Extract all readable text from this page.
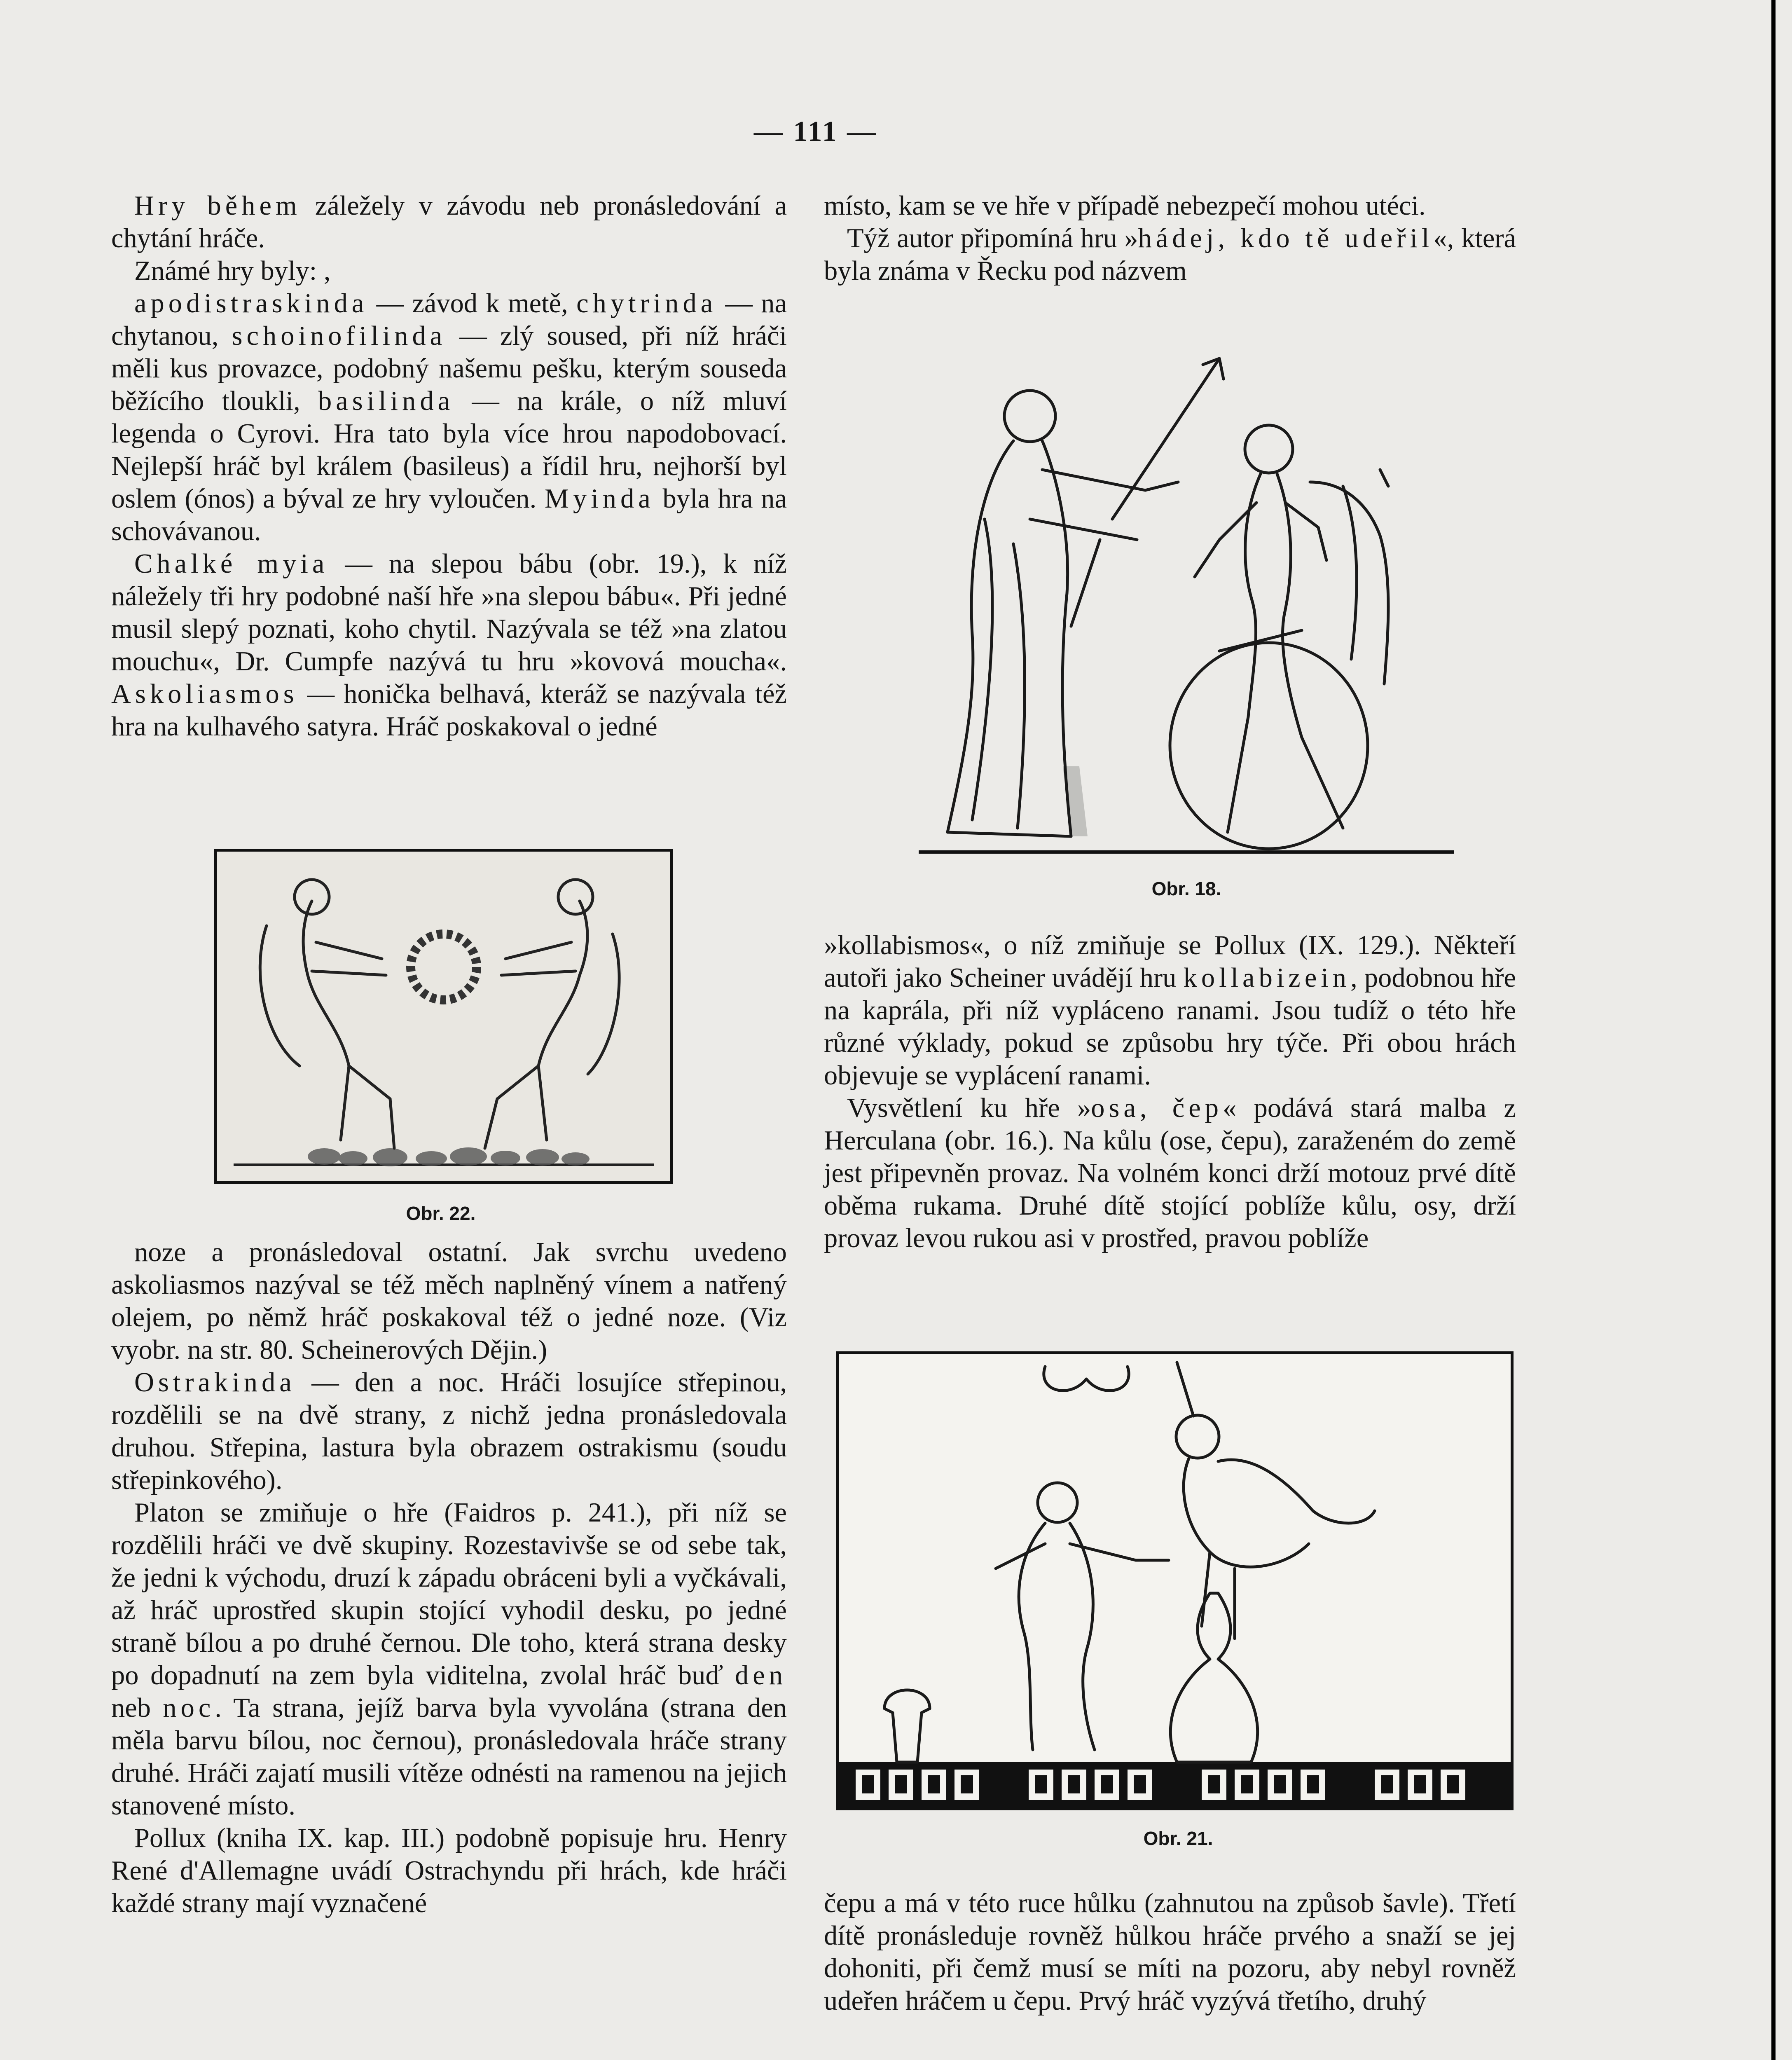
— 111 —

Hry během záležely v závodu neb pronásledování a chytání hráče.

Známé hry byly: ,

apodistraskinda — závod k metě, chytrinda — na chytanou, schoinofilinda — zlý soused, při níž hráči měli kus provazce, podobný našemu pešku, kterým souseda běžícího tloukli, basilinda — na krále, o níž mluví legenda o Cyrovi. Hra tato byla více hrou napodobovací. Nejlepší hráč byl králem (basileus) a řídil hru, nejhorší byl oslem (ónos) a býval ze hry vyloučen. Myinda byla hra na schovávanou.

Chalké myia — na slepou bábu (obr. 19.), k níž náležely tři hry podobné naší hře »na slepou bábu«. Při jedné musil slepý poznati, koho chytil. Nazývala se též »na zlatou mouchu«, Dr. Cumpfe nazývá tu hru »kovová moucha«. Askoliasmos — honička belhavá, kteráž se nazývala též hra na kulhavého satyra. Hráč poskakoval o jedné

Obr. 22.

noze a pronásledoval ostatní. Jak svrchu uvedeno askoliasmos nazýval se též měch naplněný vínem a natřený olejem, po němž hráč poskakoval též o jedné noze. (Viz vyobr. na str. 80. Scheinerových Dějin.)

Ostrakinda — den a noc. Hráči losujíce střepinou, rozdělili se na dvě strany, z nichž jedna pronásledovala druhou. Střepina, lastura byla obrazem ostrakismu (soudu střepinkového).

Platon se zmiňuje o hře (Faidros p. 241.), při níž se rozdělili hráči ve dvě skupiny. Rozestavivše se od sebe tak, že jedni k východu, druzí k západu obráceni byli a vyčkávali, až hráč uprostřed skupin stojící vyhodil desku, po jedné straně bílou a po druhé černou. Dle toho, která strana desky po dopadnutí na zem byla viditelna, zvolal hráč buď den neb noc. Ta strana, jejíž barva byla vyvolána (strana den měla barvu bílou, noc černou), pronásledovala hráče strany druhé. Hráči zajatí musili vítěze odnésti na ramenou na jejich stanovené místo.

Pollux (kniha IX. kap. III.) podobně popisuje hru. Henry René d'Allemagne uvádí Ostrachyndu při hrách, kde hráči každé strany mají vyznačené

místo, kam se ve hře v případě nebezpečí mohou utéci.

Týž autor připomíná hru »hádej, kdo tě udeřil«, která byla známa v Řecku pod názvem

Obr. 18.

»kollabismos«, o níž zmiňuje se Pollux (IX. 129.). Někteří autoři jako Scheiner uvádějí hru kollabizein, podobnou hře na kaprála, při níž vypláceno ranami. Jsou tudíž o této hře různé výklady, pokud se způsobu hry týče. Při obou hrách objevuje se vyplácení ranami.

Vysvětlení ku hře »osa, čep« podává stará malba z Herculana (obr. 16.). Na kůlu (ose, čepu), zaraženém do země jest připevněn provaz. Na volném konci drží motouz prvé dítě oběma rukama. Druhé dítě stojící poblíže kůlu, osy, drží provaz levou rukou asi v prostřed, pravou poblíže

Obr. 21.

čepu a má v této ruce hůlku (zahnutou na způsob šavle). Třetí dítě pronásleduje rovněž hůlkou hráče prvého a snaží se jej dohoniti, při čemž musí se míti na pozoru, aby nebyl rovněž udeřen hráčem u čepu. Prvý hráč vyzývá třetího, druhý
